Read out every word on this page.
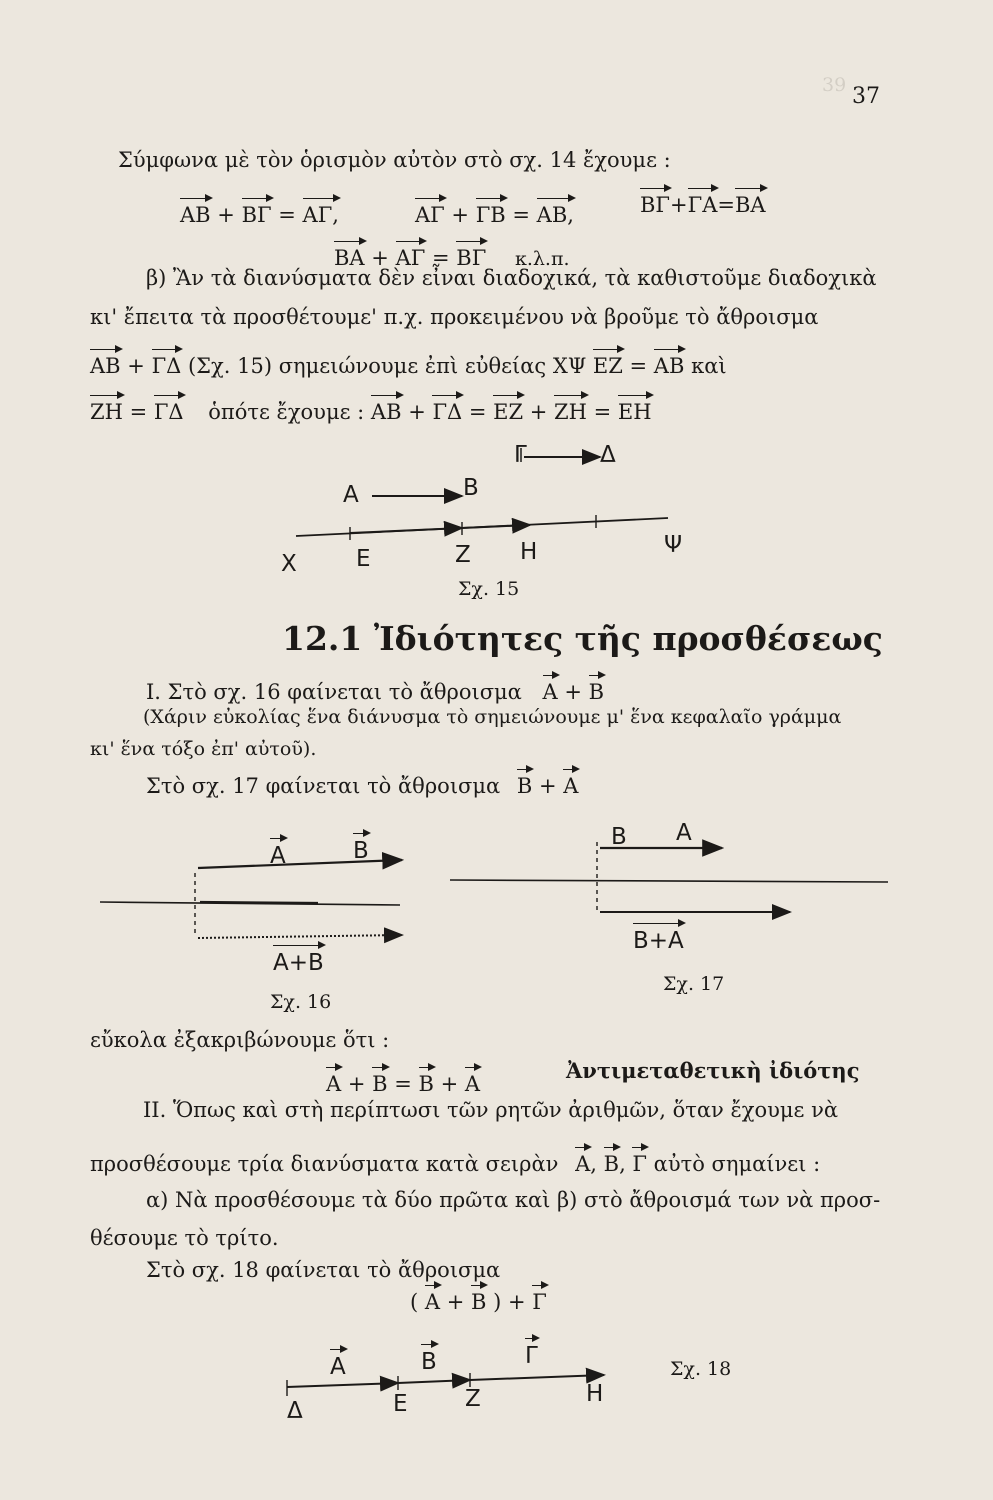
39 37
Σύμφωνα μὲ τὸν ὁρισμὸν αὐτὸν στὸ σχ. 14 ἔχουμε :
AB + BΓ = AΓ,	AΓ + ΓB = AB,	BΓ+ΓA=BA
BA + AΓ = BΓ κ.λ.π.
β) Ἂν τὰ διανύσματα δὲν εἶναι διαδοχικά, τὰ καθιστοῦμε διαδοχικὰ
κι' ἔπειτα τὰ προσθέτουμε' π.χ. προκειμένου νὰ βροῦμε τὸ ἄθροισμα
AB + ΓΔ (Σχ. 15) σημειώνουμε ἐπὶ εὐθείας XΨ EZ = AB καὶ
ZH = ΓΔ ὁπότε ἔχουμε : AB + ΓΔ = EZ + ZH = EH
Γ	Δ
A	B
X	E	Z H	Ψ
Σχ. 15
12.1 Ἰδιότητες τῆς προσθέσεως
I. Στὸ σχ. 16 φαίνεται τὸ ἄθροισμα A + B
(Χάριν εὐκολίας ἕνα διάνυσμα τὸ σημειώνουμε μ' ἕνα κεφαλαῖο γράμμα
κι' ἕνα τόξο ἐπ' αὐτοῦ).
Στὸ σχ. 17 φαίνεται τὸ ἄθροισμα B + A
A	B
A+B
Σχ. 16
B A
B+A
Σχ. 17
εὔκολα ἐξακριβώνουμε ὅτι :
A + B = B + A
Ἀντιμεταθετικὴ ἰδιότης
II. Ὅπως καὶ στὴ περίπτωσι τῶν ρητῶν ἀριθμῶν, ὅταν ἔχουμε νὰ
προσθέσουμε τρία διανύσματα κατὰ σειρὰν A, B, Γ αὐτὸ σημαίνει :
α) Νὰ προσθέσουμε τὰ δύο πρῶτα καὶ β) στὸ ἄθροισμά των νὰ προσ-
θέσουμε τὸ τρίτο.
Στὸ σχ. 18 φαίνεται τὸ ἄθροισμα
( A + B ) + Γ
A	B	Γ
Δ	E Z	H
Σχ. 18
